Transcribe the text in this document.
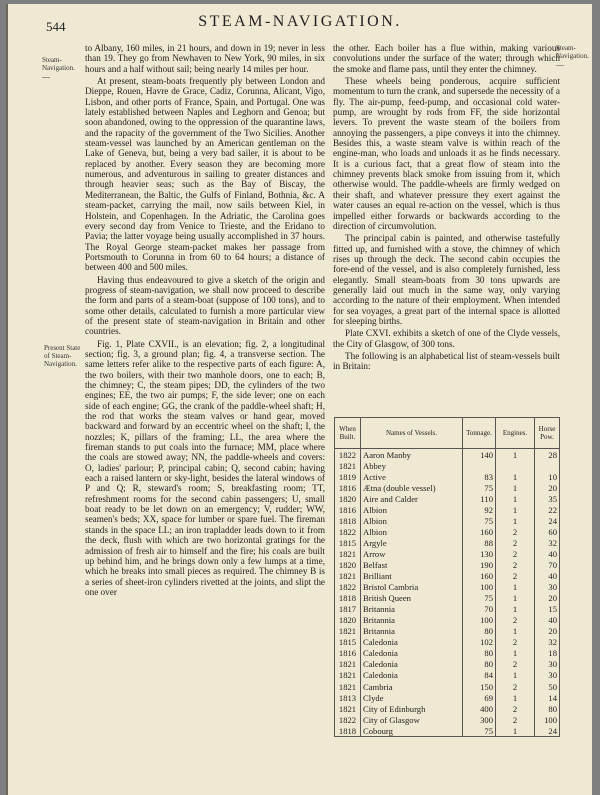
544	STEAM-NAVIGATION.
Steam-Navigation.
﹏
Present State of Steam-Navigation.
Steam-Navigation.
﹏

to Albany, 160 miles, in 21 hours, and down in 19; never in less than 19. They go from Newhaven to New York, 90 miles, in six hours and a half without sail; being nearly 14 miles per hour.

At present, steam-boats frequently ply between London and Dieppe, Rouen, Havre de Grace, Cadiz, Corunna, Alicant, Vigo, Lisbon, and other ports of France, Spain, and Portugal. One was lately established between Naples and Leghorn and Genoa; but soon abandoned, owing to the oppression of the quarantine laws, and the rapacity of the government of the Two Sicilies. Another steam-vessel was launched by an American gentleman on the Lake of Geneva, but, being a very bad sailer, it is about to be replaced by another. Every season they are becoming more numerous, and adventurous in sailing to greater distances and through heavier seas; such as the Bay of Biscay, the Mediterranean, the Baltic, the Gulfs of Finland, Bothnia, &c. A steam-packet, carrying the mail, now sails between Kiel, in Holstein, and Copenhagen. In the Adriatic, the Carolina goes every second day from Venice to Trieste, and the Eridano to Pavia; the latter voyage being usually accomplished in 37 hours. The Royal George steam-packet makes her passage from Portsmouth to Corunna in from 60 to 64 hours; a distance of between 400 and 500 miles.

Having thus endeavoured to give a sketch of the origin and progress of steam-navigation, we shall now proceed to describe the form and parts of a steam-boat (suppose of 100 tons), and to some other details, calculated to furnish a more particular view of the present state of steam-navigation in Britain and other countries.

Fig. 1, Plate CXVII., is an elevation; fig. 2, a longitudinal section; fig. 3, a ground plan; fig. 4, a transverse section. The same letters refer alike to the respective parts of each figure: A, the two boilers, with their two manhole doors, one to each; B, the chimney; C, the steam pipes; DD, the cylinders of the two engines; EE, the two air pumps; F, the side lever; one on each side of each engine; GG, the crank of the paddle-wheel shaft; H, the rod that works the steam valves or hand gear, moved backward and forward by an eccentric wheel on the shaft; I, the nozzles; K, pillars of the framing; LL, the area where the fireman stands to put coals into the furnace; MM, place where the coals are stowed away; NN, the paddle-wheels and covers: O, ladies' parlour; P, principal cabin; Q, second cabin; having each a raised lantern or sky-light, besides the lateral windows of P and Q; R, steward's room; S, breakfasting room; TT, refreshment rooms for the second cabin passengers; U, small boat ready to be let down on an emergency; V, rudder; WW, seamen's beds; XX, space for lumber or spare fuel. The fireman stands in the space LL; an iron trapladder leads down to it from the deck, flush with which are two horizontal gratings for the admission of fresh air to himself and the fire; his coals are built up behind him, and he brings down only a few lumps at a time, which he breaks into small pieces as required. The chimney B is a series of sheet-iron cylinders rivetted at the joints, and slipt the one over

the other. Each boiler has a flue within, making various convolutions under the surface of the water; through which the smoke and flame pass, until they enter the chimney.

These wheels being ponderous, acquire sufficient momentum to turn the crank, and supersede the necessity of a fly. The air-pump, feed-pump, and occasional cold water-pump, are wrought by rods from FF, the side horizontal levers. To prevent the waste steam of the boilers from annoying the passengers, a pipe conveys it into the chimney. Besides this, a waste steam valve is within reach of the engine-man, who loads and unloads it as he finds necessary. It is a curious fact, that a great flow of steam into the chimney prevents black smoke from issuing from it, which otherwise would. The paddle-wheels are firmly wedged on their shaft, and whatever pressure they exert against the water causes an equal re-action on the vessel, which is thus impelled either forwards or backwards according to the direction of circumvolution.

The principal cabin is painted, and otherwise tastefully fitted up, and furnished with a stove, the chimney of which rises up through the deck. The second cabin occupies the fore-end of the vessel, and is also completely furnished, less elegantly. Small steam-boats from 30 tons upwards are generally laid out much in the same way, only varying according to the nature of their employment. When intended for sea voyages, a great part of the internal space is allotted for sleeping births.

Plate CXVI. exhibits a sketch of one of the Clyde vessels, the City of Glasgow, of 300 tons.

The following is an alphabetical list of steam-vessels built in Britain:

When Built.	Names of Vessels.	Tonnage.	Engines.	Horse Pow.
1822	Aaron Manby	140	1	28
1821	Abbey			
1819	Active	83	1	10
1816	Ætna (double vessel)	75	1	20
1820	Aire and Calder	110	1	35
1816	Albion	92	1	22
1818	Albion	75	1	24
1822	Albion	160	2	60
1815	Argyle	88	2	32
1821	Arrow	130	2	40
1820	Belfast	190	2	70
1821	Brilliant	160	2	40
1822	Bristol Cambria	100	1	30
1818	British Queen	75	1	20
1817	Britannia	70	1	15
1820	Britannia	100	2	40
1821	Britannia	80	1	20
1815	Caledonia	102	2	32
1816	Caledonia	80	1	18
1821	Caledonia	80	2	30
1821	Caledonia	84	1	30
1821	Cambria	150	2	50
1813	Clyde	69	1	14
1821	City of Edinburgh	400	2	80
1822	City of Glasgow	300	2	100
1818	Cobourg	75	1	24
